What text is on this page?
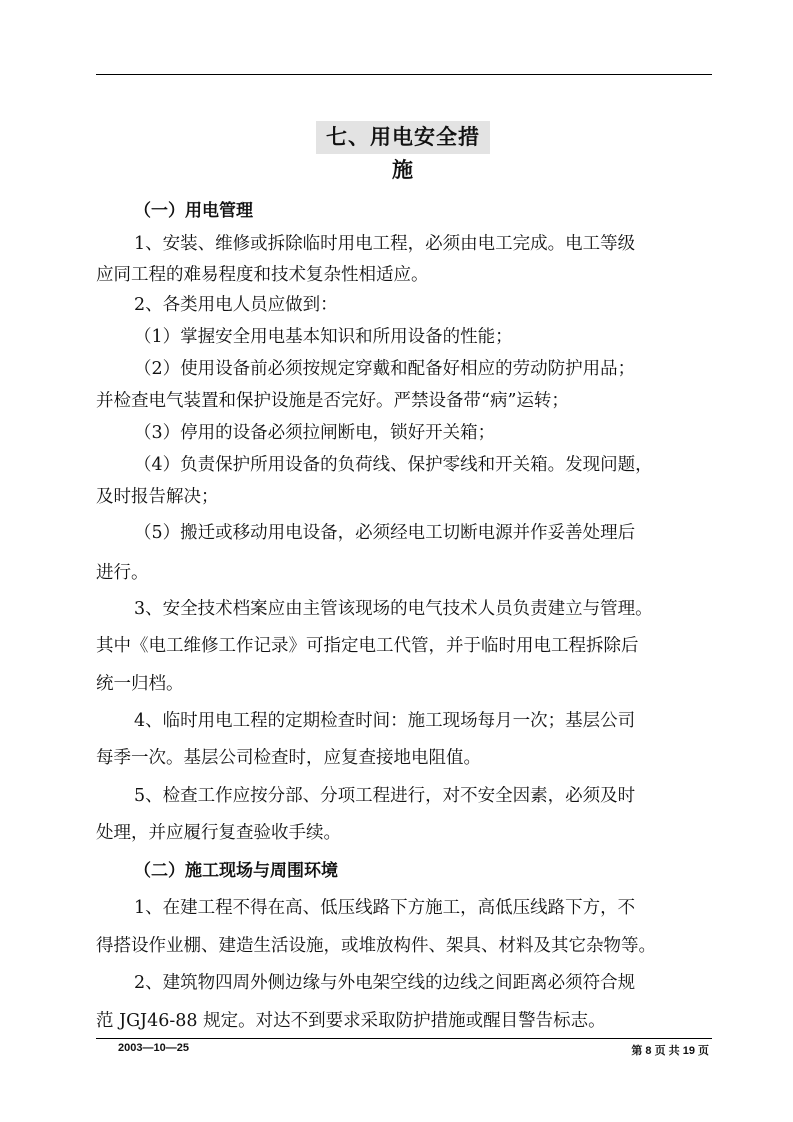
七、用电安全措施
（一）用电管理
1、安装、维修或拆除临时用电工程，必须由电工完成。电工等级
应同工程的难易程度和技术复杂性相适应。
2、各类用电人员应做到：
（1）掌握安全用电基本知识和所用设备的性能；
（2）使用设备前必须按规定穿戴和配备好相应的劳动防护用品；
并检查电气装置和保护设施是否完好。严禁设备带“病”运转；
（3）停用的设备必须拉闸断电，锁好开关箱；
（4）负责保护所用设备的负荷线、保护零线和开关箱。发现问题，
及时报告解决；
（5）搬迁或移动用电设备，必须经电工切断电源并作妥善处理后
进行。
3、安全技术档案应由主管该现场的电气技术人员负责建立与管理。
其中《电工维修工作记录》可指定电工代管，并于临时用电工程拆除后
统一归档。
4、临时用电工程的定期检查时间：施工现场每月一次；基层公司
每季一次。基层公司检查时，应复查接地电阻值。
5、检查工作应按分部、分项工程进行，对不安全因素，必须及时
处理，并应履行复查验收手续。
（二）施工现场与周围环境
1、在建工程不得在高、低压线路下方施工，高低压线路下方，不
得搭设作业棚、建造生活设施，或堆放构件、架具、材料及其它杂物等。
2、建筑物四周外侧边缘与外电架空线的边线之间距离必须符合规
范 JGJ46-88 规定。对达不到要求采取防护措施或醒目警告标志。
2003—10—25	第 8 页 共 19 页
